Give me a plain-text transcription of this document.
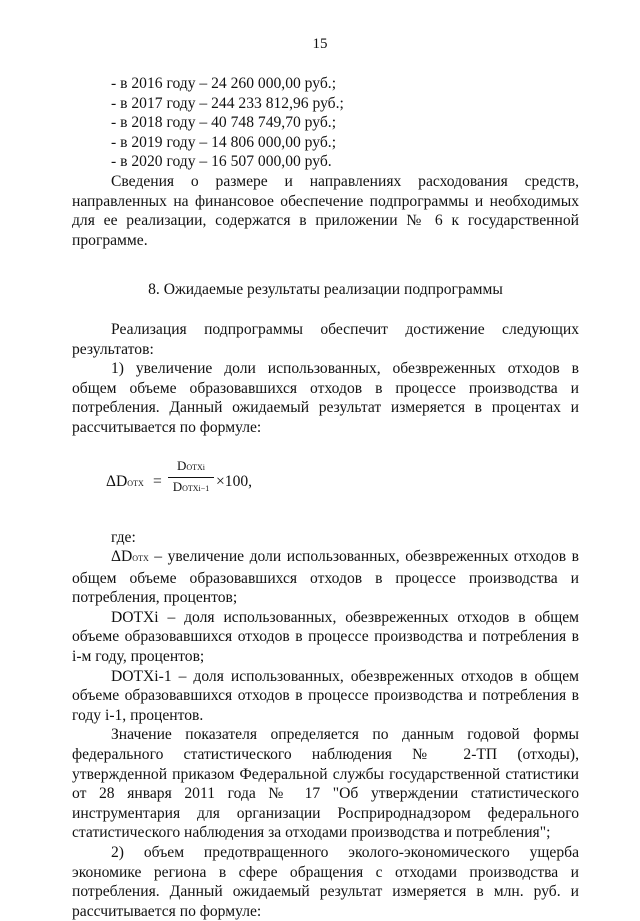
15

- в 2016 году – 24 260 000,00 руб.;

- в 2017 году – 244 233 812,96 руб.;

- в 2018 году – 40 748 749,70 руб.;

- в 2019 году – 14 806 000,00 руб.;

- в 2020 году – 16 507 000,00 руб.

Сведения о размере и направлениях расходования средств, направленных на финансовое обеспечение подпрограммы и необходимых для ее реализации, содержатся в приложении № 6 к государственной программе.

8. Ожидаемые результаты реализации подпрограммы

Реализация подпрограммы обеспечит достижение следующих результатов:

1) увеличение доли использованных, обезвреженных отходов в общем объеме образовавшихся отходов в процессе производства и потребления. Данный ожидаемый результат измеряется в процентах и рассчитывается по формуле:

ΔDОТХ =
DОТХi
DОТХi−1 ×100,

где:

ΔDОТХ – увеличение доли использованных, обезвреженных отходов в общем объеме образовавшихся отходов в процессе производства и потребления, процентов;

DOTXi – доля использованных, обезвреженных отходов в общем объеме образовавшихся отходов в процессе производства и потребления в i-м году, процентов;

DOTXi-1 – доля использованных, обезвреженных отходов в общем объеме образовавшихся отходов в процессе производства и потребления в году i-1, процентов.

Значение показателя определяется по данным годовой формы федерального статистического наблюдения № 2-ТП (отходы), утвержденной приказом Федеральной службы государственной статистики от 28 января 2011 года № 17 "Об утверждении статистического инструментария для организации Росприроднадзором федерального статистического наблюдения за отходами производства и потребления";

2) объем предотвращенного эколого-экономического ущерба экономике региона в сфере обращения с отходами производства и потребления. Данный ожидаемый результат измеряется в млн. руб. и рассчитывается по формуле:
